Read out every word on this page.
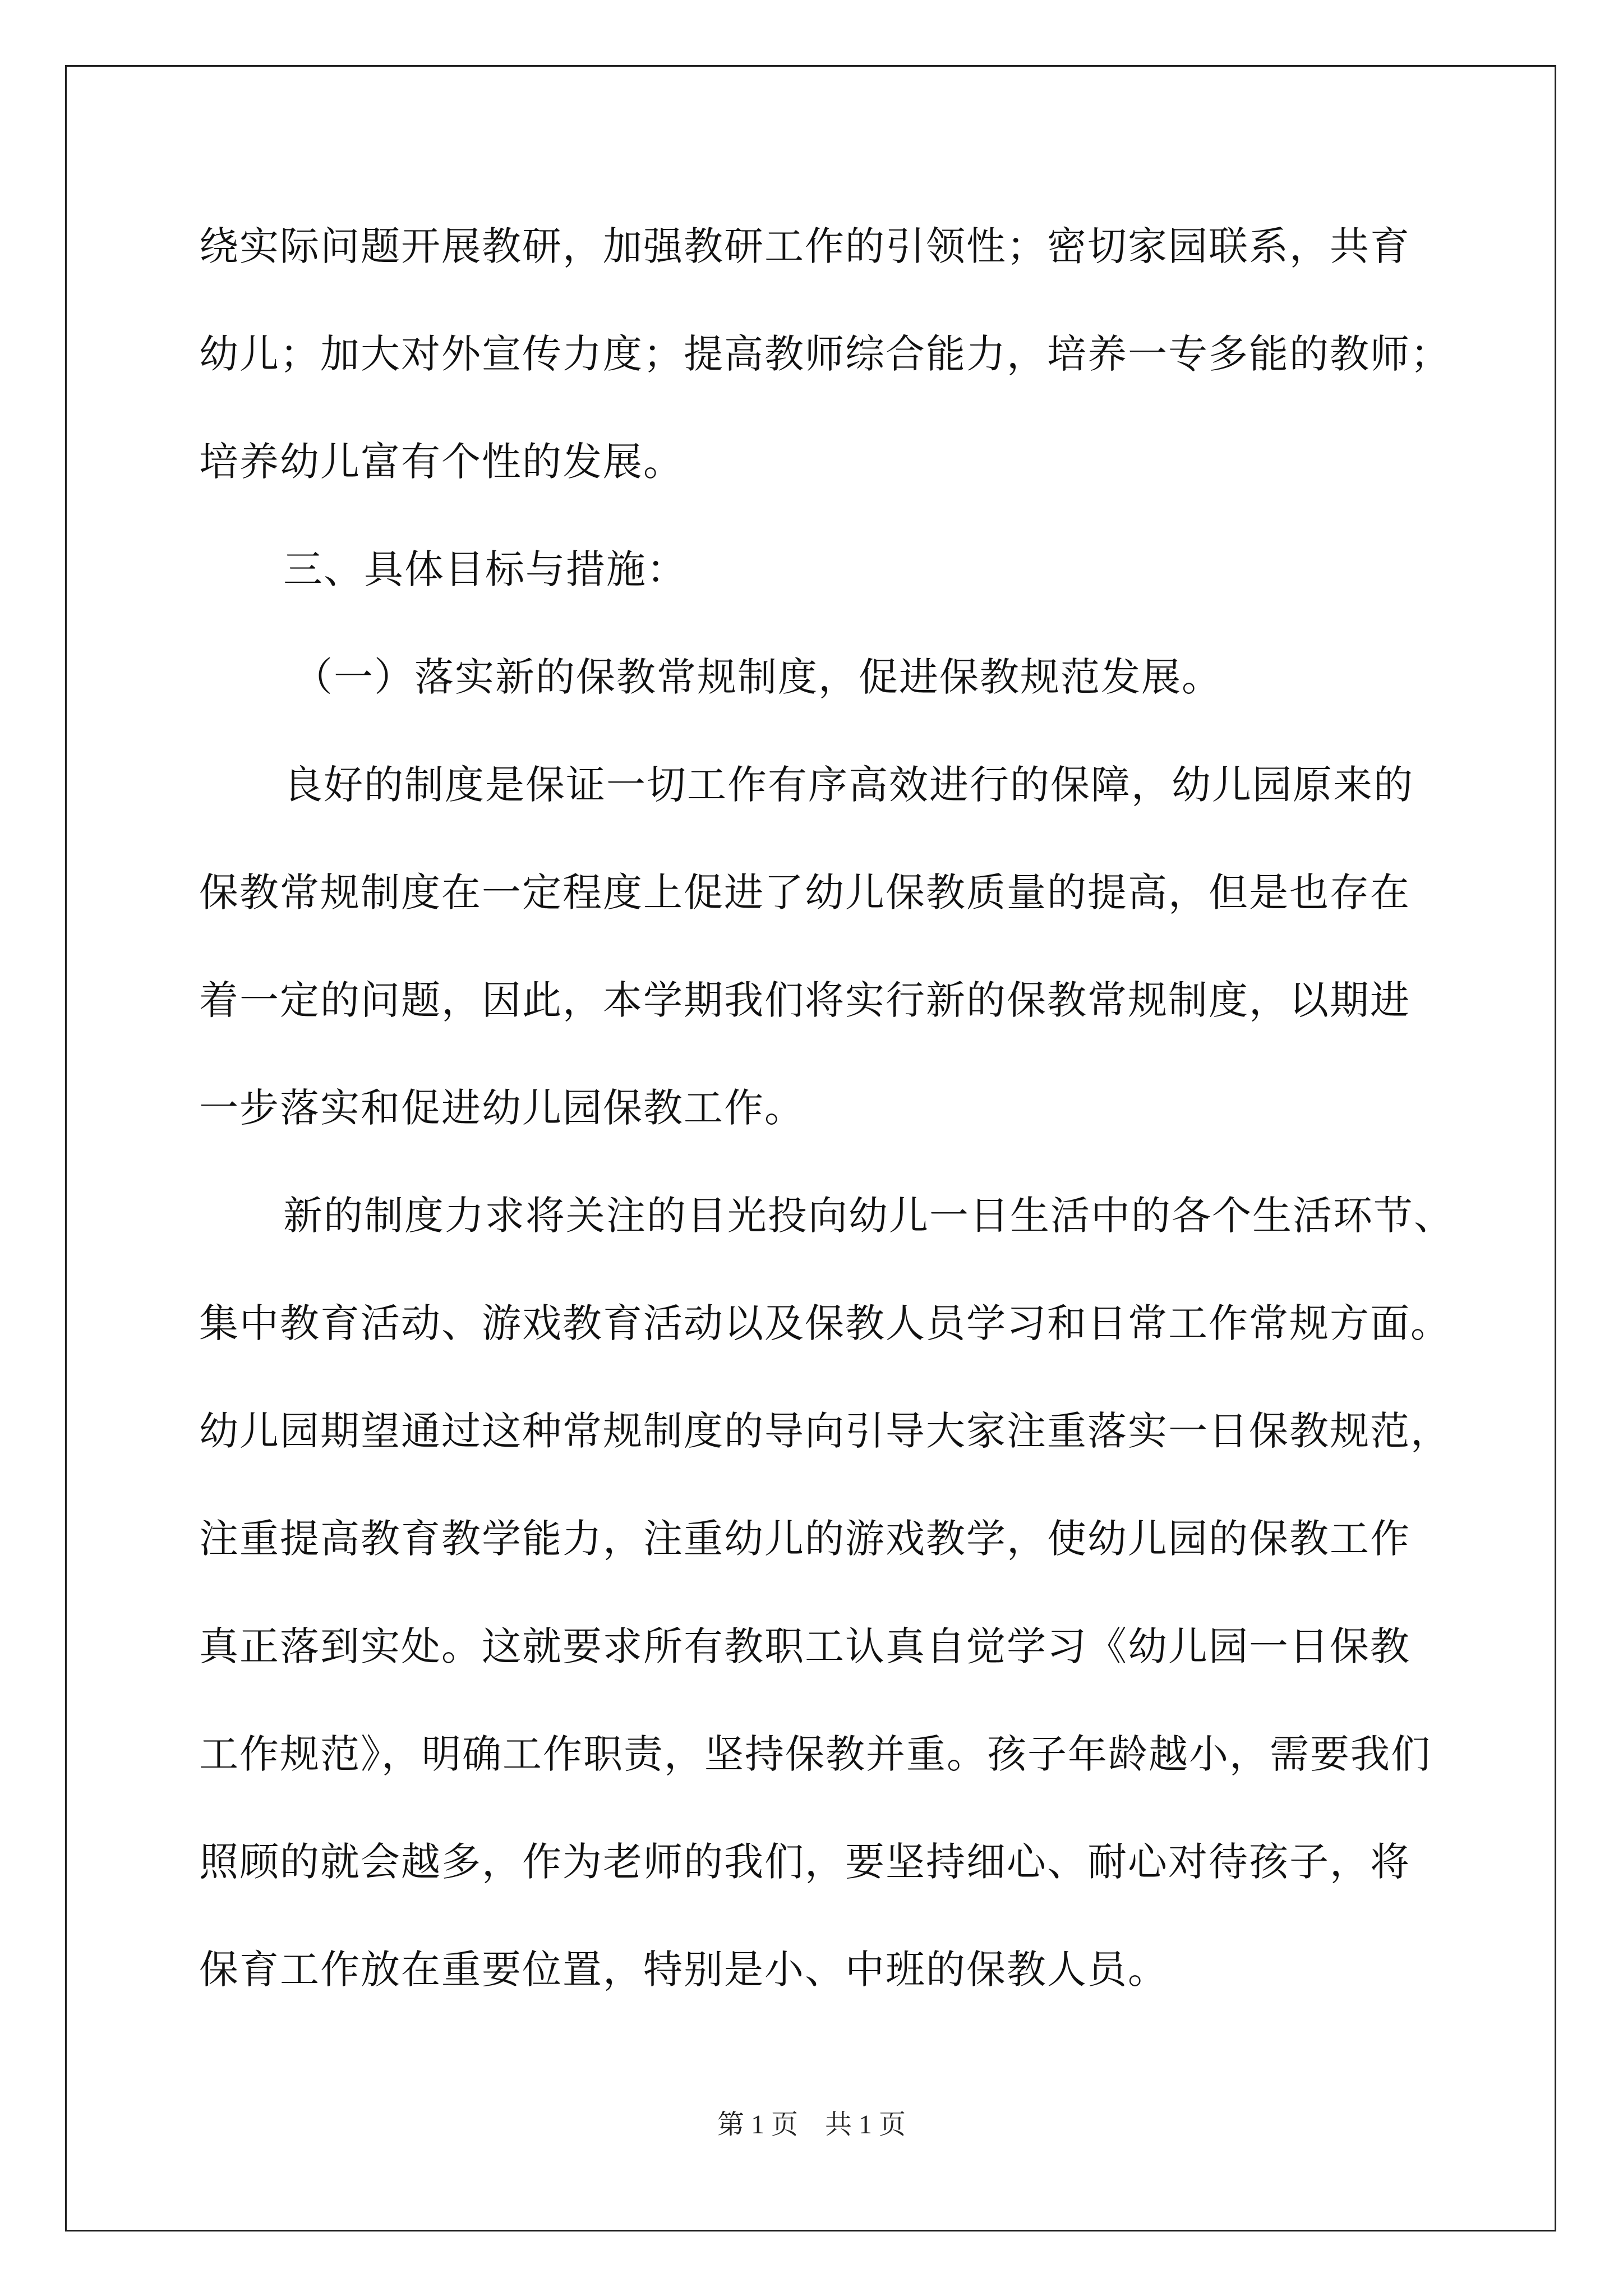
绕实际问题开展教研，加强教研工作的引领性；密切家园联系，共育
幼儿；加大对外宣传力度；提高教师综合能力，培养一专多能的教师；
培养幼儿富有个性的发展。
三、具体目标与措施：
（一）落实新的保教常规制度，促进保教规范发展。
良好的制度是保证一切工作有序高效进行的保障，幼儿园原来的
保教常规制度在一定程度上促进了幼儿保教质量的提高，但是也存在
着一定的问题，因此，本学期我们将实行新的保教常规制度，以期进
一步落实和促进幼儿园保教工作。
新的制度力求将关注的目光投向幼儿一日生活中的各个生活环节、
集中教育活动、游戏教育活动以及保教人员学习和日常工作常规方面。
幼儿园期望通过这种常规制度的导向引导大家注重落实一日保教规范，
注重提高教育教学能力，注重幼儿的游戏教学，使幼儿园的保教工作
真正落到实处。这就要求所有教职工认真自觉学习《幼儿园一日保教
工作规范》，明确工作职责，坚持保教并重。孩子年龄越小，需要我们
照顾的就会越多，作为老师的我们，要坚持细心、耐心对待孩子，将
保育工作放在重要位置，特别是小、中班的保教人员。
第 1 页　共 1 页
